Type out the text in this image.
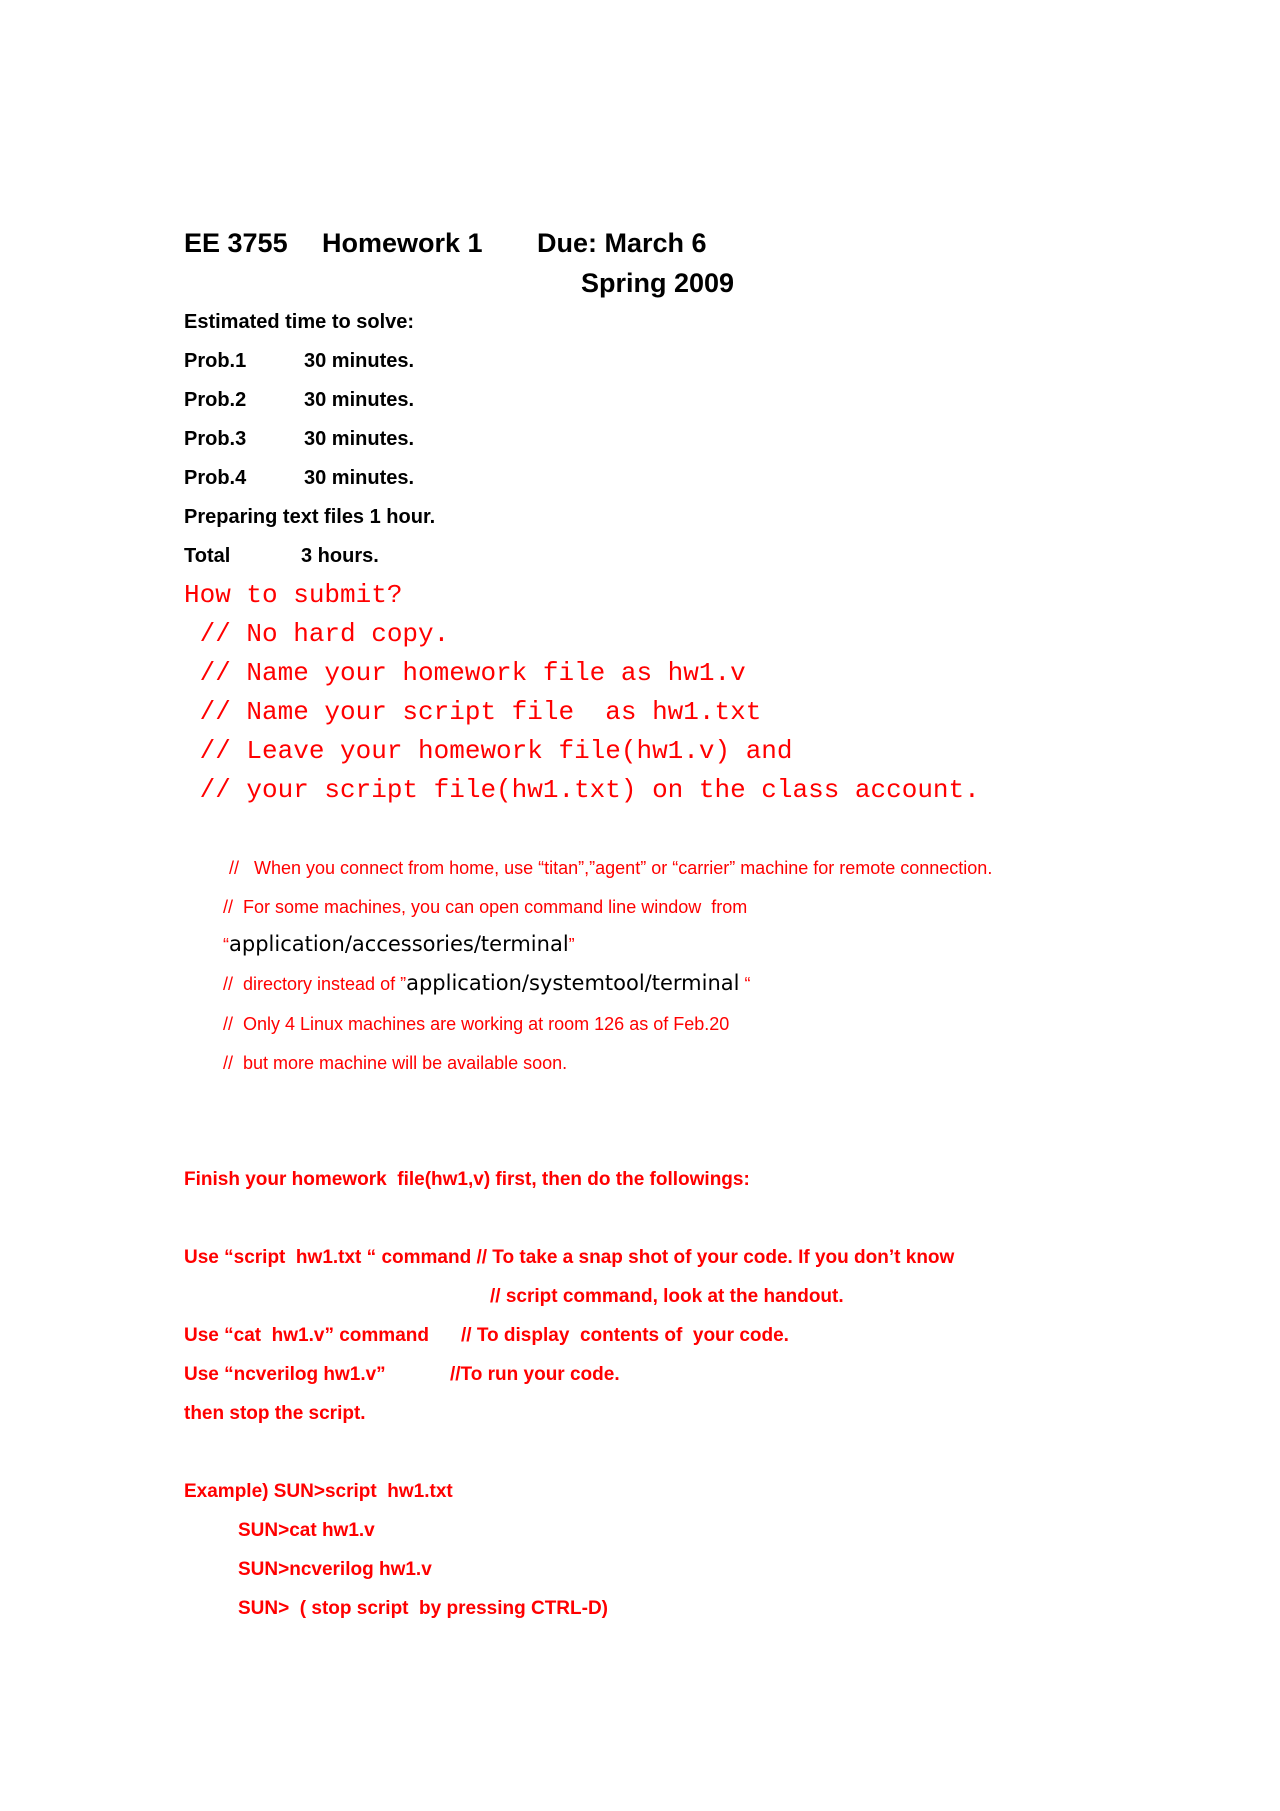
EE 3755 Homework 1 Due: March 6
Spring 2009
Estimated time to solve:
Prob.1	30 minutes.
Prob.2	30 minutes.
Prob.3	30 minutes.
Prob.4	30 minutes.
Preparing text files 1 hour.
Total	3 hours.
How to submit?
// No hard copy.
// Name your homework file as hw1.v
// Name your script file  as hw1.txt
// Leave your homework file(hw1.v) and
// your script file(hw1.txt) on the class account.
//   When you connect from home, use “titan”,”agent” or “carrier” machine for remote connection.
//  For some machines, you can open command line window  from
“application/accessories/terminal”
//  directory instead of ”application/systemtool/terminal “
//  Only 4 Linux machines are working at room 126 as of Feb.20
//  but more machine will be available soon.
Finish your homework  file(hw1,v) first, then do the followings:
Use “script  hw1.txt “ command // To take a snap shot of your code. If you don’t know
// script command, look at the handout.
Use “cat  hw1.v” command // To display  contents of  your code.
Use “ncverilog hw1.v”	//To run your code.
then stop the script.
Example) SUN>script  hw1.txt
SUN>cat hw1.v
SUN>ncverilog hw1.v
SUN>  ( stop script  by pressing CTRL-D)
